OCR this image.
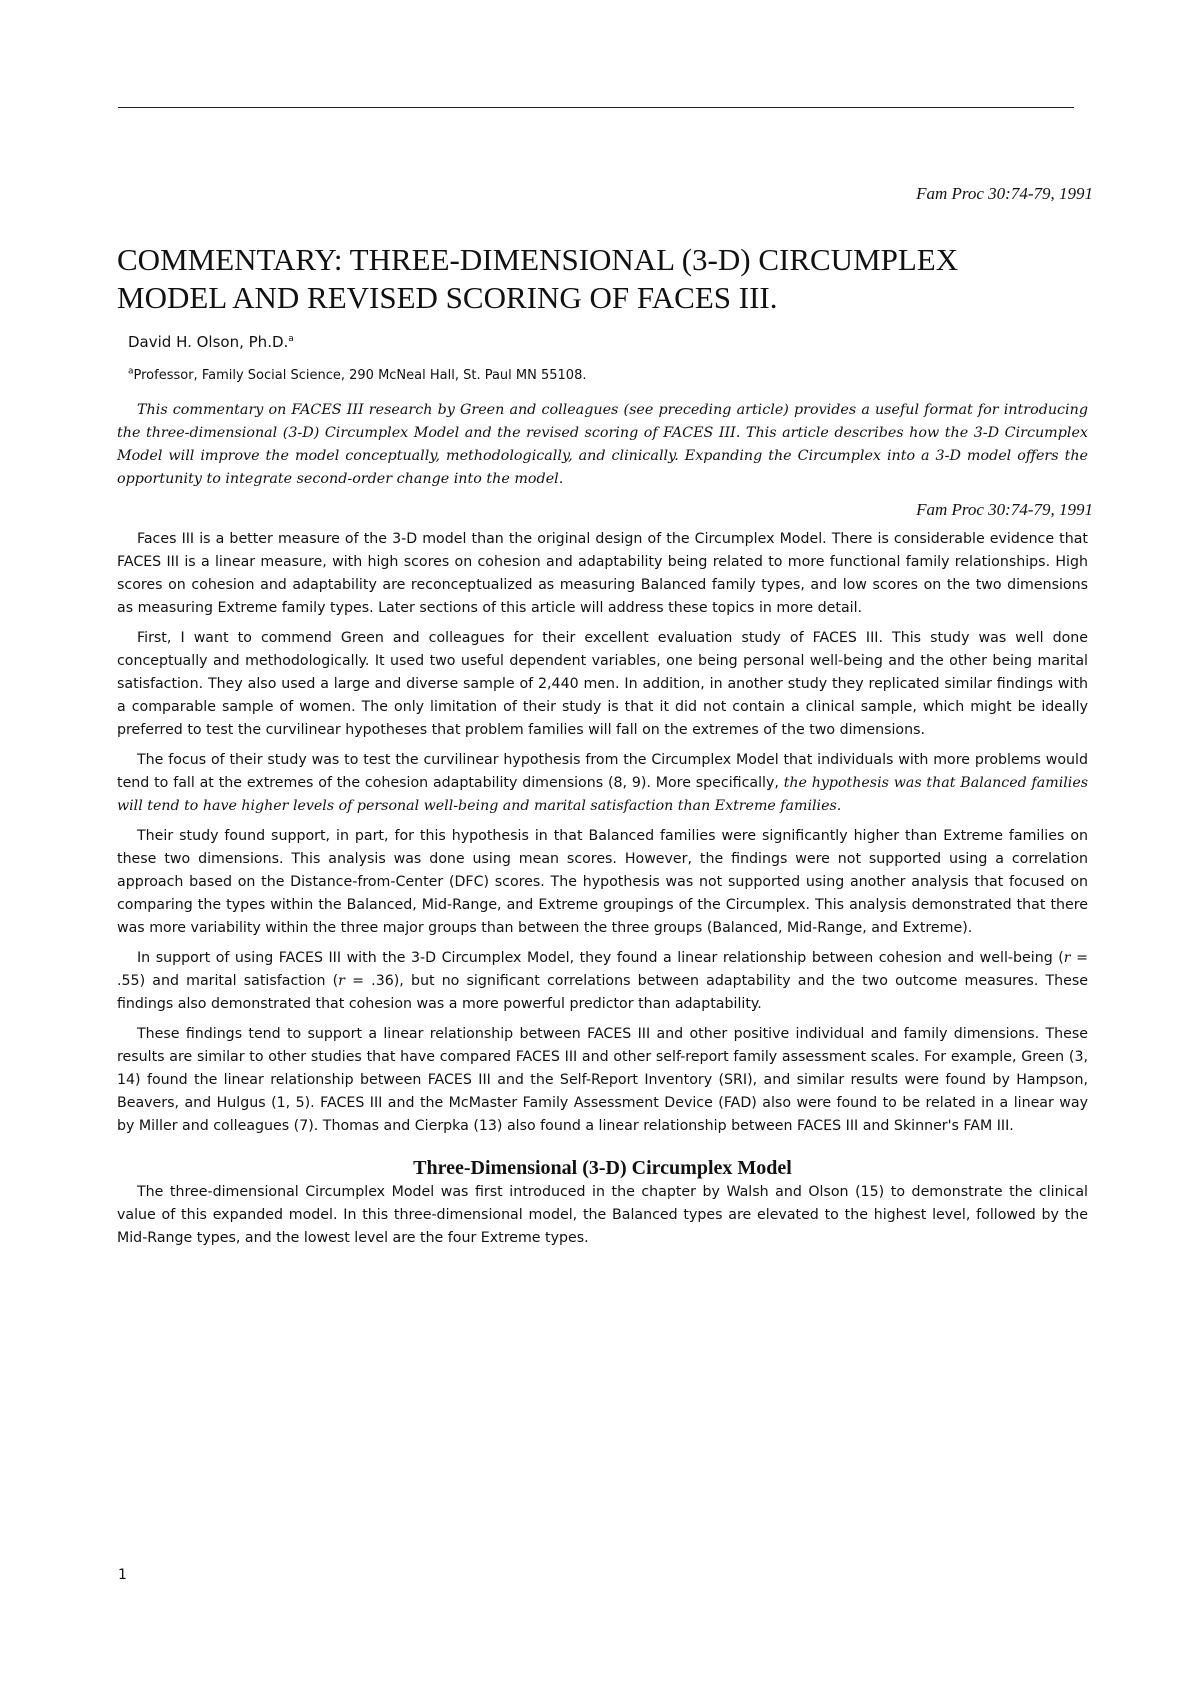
Fam Proc 30:74-79, 1991
COMMENTARY: THREE-DIMENSIONAL (3-D) CIRCUMPLEX
MODEL AND REVISED SCORING OF FACES III.
David H. Olson, Ph.D.$^a$
$^a$Professor, Family Social Science, 290 McNeal Hall, St. Paul MN 55108.

This commentary on FACES III research by Green and colleagues (see preceding article) provides a useful format for introducing the three-dimensional (3-D) Circumplex Model and the revised scoring of FACES III. This article describes how the 3-D Circumplex Model will improve the model conceptually, methodologically, and clinically. Expanding the Circumplex into a 3-D model offers the opportunity to integrate second-order change into the model.

Fam Proc 30:74-79, 1991

Faces III is a better measure of the 3-D model than the original design of the Circumplex Model. There is considerable evidence that FACES III is a linear measure, with high scores on cohesion and adaptability being related to more functional family relationships. High scores on cohesion and adaptability are reconceptualized as measuring Balanced family types, and low scores on the two dimensions as measuring Extreme family types. Later sections of this article will address these topics in more detail.

First, I want to commend Green and colleagues for their excellent evaluation study of FACES III. This study was well done conceptually and methodologically. It used two useful dependent variables, one being personal well-being and the other being marital satisfaction. They also used a large and diverse sample of 2,440 men. In addition, in another study they replicated similar findings with a comparable sample of women. The only limitation of their study is that it did not contain a clinical sample, which might be ideally preferred to test the curvilinear hypotheses that problem families will fall on the extremes of the two dimensions.

The focus of their study was to test the curvilinear hypothesis from the Circumplex Model that individuals with more problems would tend to fall at the extremes of the cohesion adaptability dimensions (8, 9). More specifically, the hypothesis was that Balanced families will tend to have higher levels of personal well-being and marital satisfaction than Extreme families.

Their study found support, in part, for this hypothesis in that Balanced families were significantly higher than Extreme families on these two dimensions. This analysis was done using mean scores. However, the findings were not supported using a correlation approach based on the Distance-from-Center (DFC) scores. The hypothesis was not supported using another analysis that focused on comparing the types within the Balanced, Mid-Range, and Extreme groupings of the Circumplex. This analysis demonstrated that there was more variability within the three major groups than between the three groups (Balanced, Mid-Range, and Extreme).

In support of using FACES III with the 3-D Circumplex Model, they found a linear relationship between cohesion and well-being (r = .55) and marital satisfaction (r = .36), but no significant correlations between adaptability and the two outcome measures. These findings also demonstrated that cohesion was a more powerful predictor than adaptability.

These findings tend to support a linear relationship between FACES III and other positive individual and family dimensions. These results are similar to other studies that have compared FACES III and other self-report family assessment scales. For example, Green (3, 14) found the linear relationship between FACES III and the Self-Report Inventory (SRI), and similar results were found by Hampson, Beavers, and Hulgus (1, 5). FACES III and the McMaster Family Assessment Device (FAD) also were found to be related in a linear way by Miller and colleagues (7). Thomas and Cierpka (13) also found a linear relationship between FACES III and Skinner's FAM III.

Three-Dimensional (3-D) Circumplex Model

The three-dimensional Circumplex Model was first introduced in the chapter by Walsh and Olson (15) to demonstrate the clinical value of this expanded model. In this three-dimensional model, the Balanced types are elevated to the highest level, followed by the Mid-Range types, and the lowest level are the four Extreme types.

1
